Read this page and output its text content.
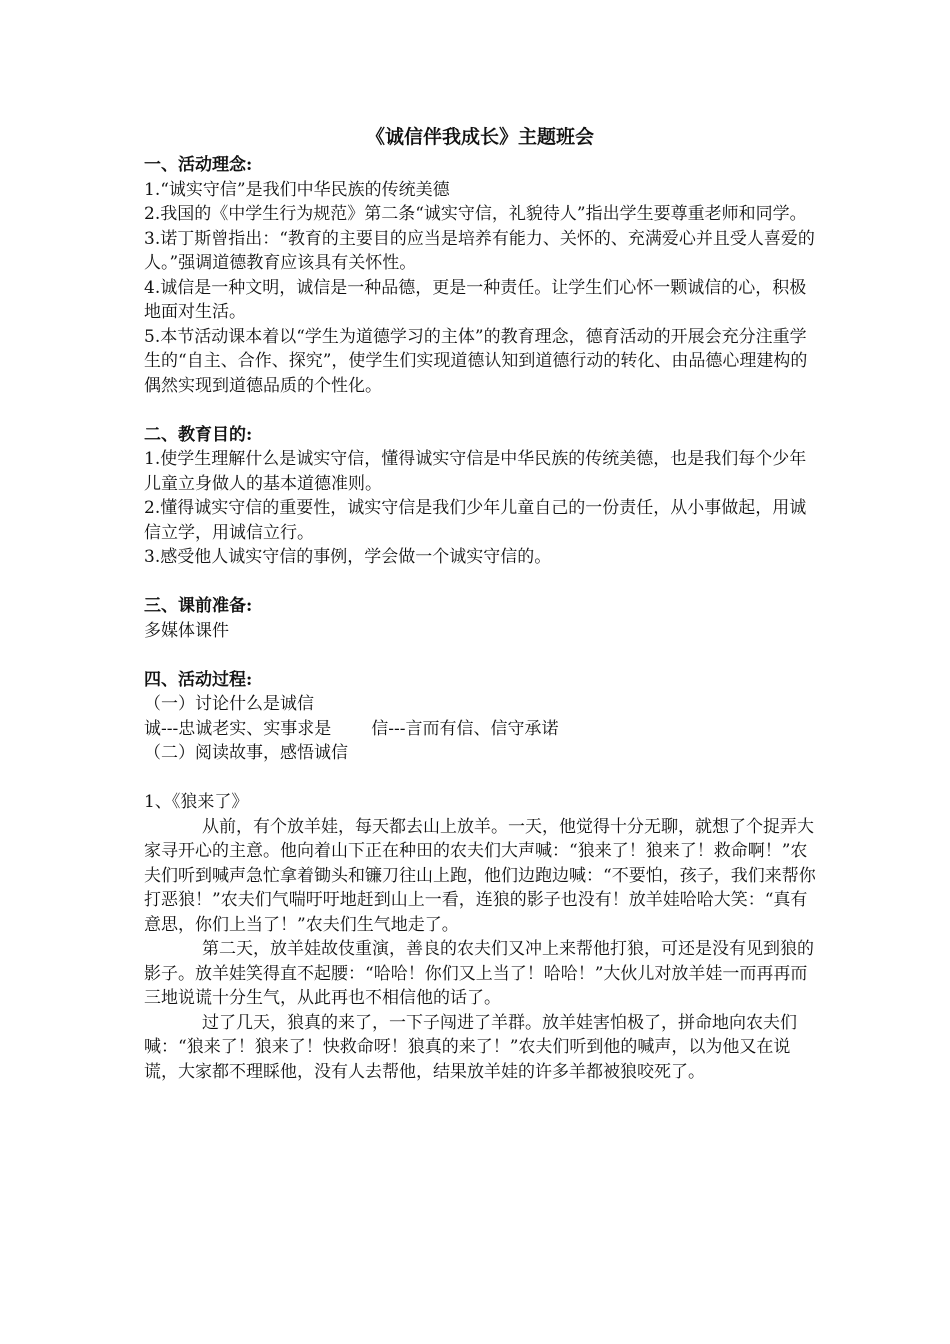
《诚信伴我成长》主题班会
一、活动理念:

1.“诚实守信”是我们中华民族的传统美德

2.我国的《中学生行为规范》第二条“诚实守信，礼貌待人”指出学生要尊重老师和同学。

3.诺丁斯曾指出：“教育的主要目的应当是培养有能力、关怀的、充满爱心并且受人喜爱的人。”强调道德教育应该具有关怀性。

4.诚信是一种文明，诚信是一种品德，更是一种责任。让学生们心怀一颗诚信的心，积极地面对生活。

5.本节活动课本着以“学生为道德学习的主体”的教育理念，德育活动的开展会充分注重学生的“自主、合作、探究”，使学生们实现道德认知到道德行动的转化、由品德心理建构的偶然实现到道德品质的个性化。

二、教育目的:

1.使学生理解什么是诚实守信，懂得诚实守信是中华民族的传统美德，也是我们每个少年儿童立身做人的基本道德准则。

2.懂得诚实守信的重要性，诚实守信是我们少年儿童自己的一份责任，从小事做起，用诚信立学，用诚信立行。

3.感受他人诚实守信的事例，学会做一个诚实守信的。

三、课前准备:

多媒体课件

四、活动过程:

（一）讨论什么是诚信

诚---忠诚老实、实事求是 信---言而有信、信守承诺

（二）阅读故事，感悟诚信

1、《狼来了》

从前，有个放羊娃，每天都去山上放羊。一天，他觉得十分无聊，就想了个捉弄大家寻开心的主意。他向着山下正在种田的农夫们大声喊：“狼来了！狼来了！救命啊！”农夫们听到喊声急忙拿着锄头和镰刀往山上跑，他们边跑边喊：“不要怕，孩子，我们来帮你打恶狼！”农夫们气喘吁吁地赶到山上一看，连狼的影子也没有！放羊娃哈哈大笑：“真有意思，你们上当了！”农夫们生气地走了。

第二天，放羊娃故伎重演，善良的农夫们又冲上来帮他打狼，可还是没有见到狼的影子。放羊娃笑得直不起腰：“哈哈！你们又上当了！哈哈！”大伙儿对放羊娃一而再再而三地说谎十分生气，从此再也不相信他的话了。

过了几天，狼真的来了，一下子闯进了羊群。放羊娃害怕极了，拼命地向农夫们喊：“狼来了！狼来了！快救命呀！狼真的来了！”农夫们听到他的喊声，以为他又在说谎，大家都不理睬他，没有人去帮他，结果放羊娃的许多羊都被狼咬死了。
